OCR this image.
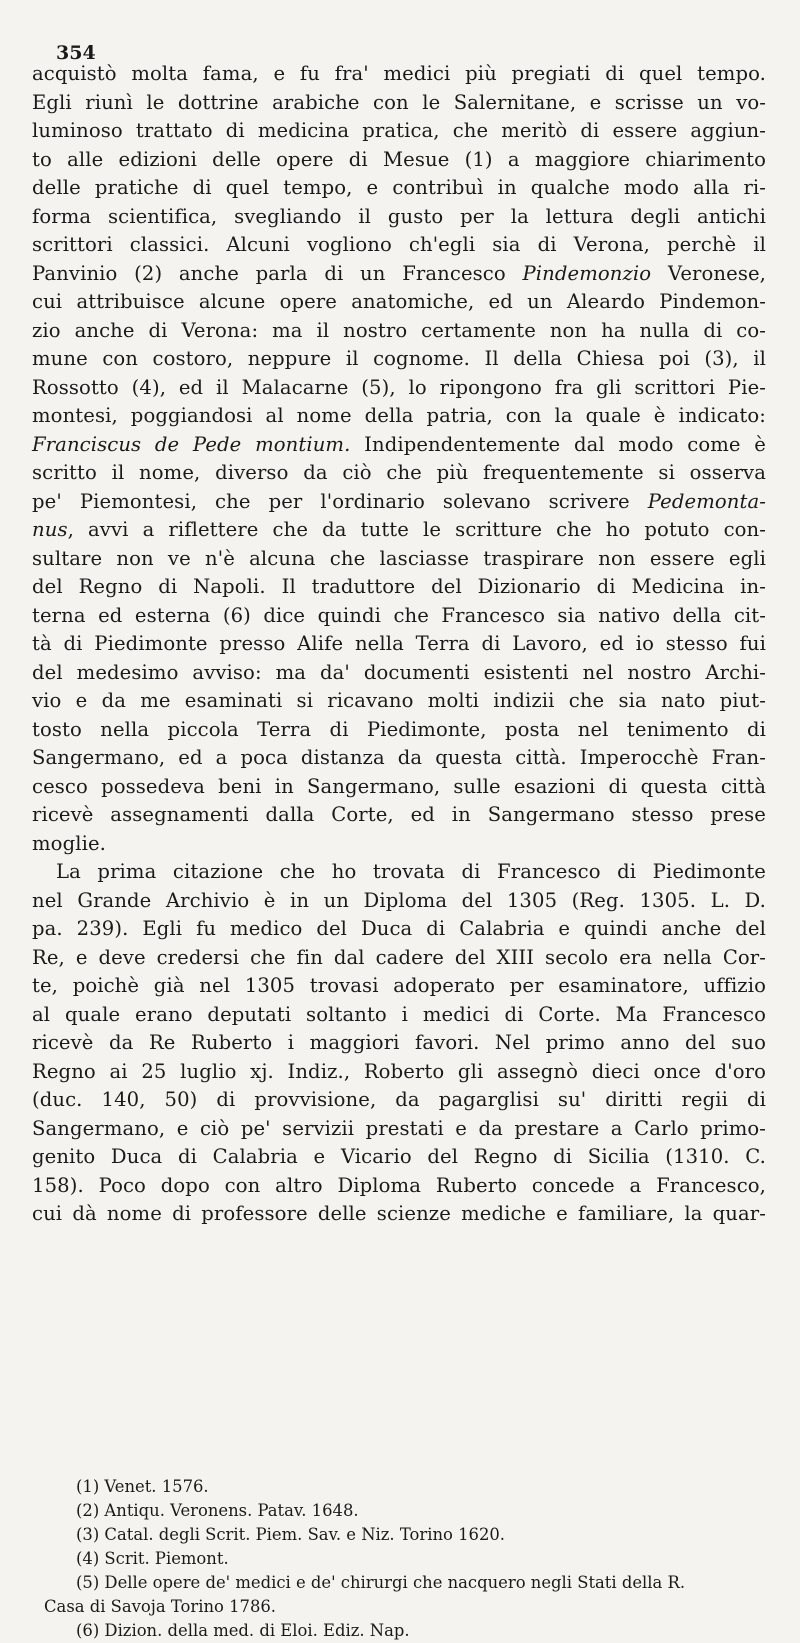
354
acquistò molta fama, e fu fra' medici più pregiati di quel tempo.
Egli riunì le dottrine arabiche con le Salernitane, e scrisse un vo-
luminoso trattato di medicina pratica, che meritò di essere aggiun-
to alle edizioni delle opere di Mesue (1) a maggiore chiarimento
delle pratiche di quel tempo, e contribuì in qualche modo alla ri-
forma scientifica, svegliando il gusto per la lettura degli antichi
scrittori classici. Alcuni vogliono ch'egli sia di Verona, perchè il
Panvinio (2) anche parla di un Francesco Pindemonzio Veronese,
cui attribuisce alcune opere anatomiche, ed un Aleardo Pindemon-
zio anche di Verona: ma il nostro certamente non ha nulla di co-
mune con costoro, neppure il cognome. Il della Chiesa poi (3), il
Rossotto (4), ed il Malacarne (5), lo ripongono fra gli scrittori Pie-
montesi, poggiandosi al nome della patria, con la quale è indicato:
Franciscus de Pede montium. Indipendentemente dal modo come è
scritto il nome, diverso da ciò che più frequentemente si osserva
pe' Piemontesi, che per l'ordinario solevano scrivere Pedemonta-
nus, avvi a riflettere che da tutte le scritture che ho potuto con-
sultare non ve n'è alcuna che lasciasse traspirare non essere egli
del Regno di Napoli. Il traduttore del Dizionario di Medicina in-
terna ed esterna (6) dice quindi che Francesco sia nativo della cit-
tà di Piedimonte presso Alife nella Terra di Lavoro, ed io stesso fui
del medesimo avviso: ma da' documenti esistenti nel nostro Archi-
vio e da me esaminati si ricavano molti indizii che sia nato piut-
tosto nella piccola Terra di Piedimonte, posta nel tenimento di
Sangermano, ed a poca distanza da questa città. Imperocchè Fran-
cesco possedeva beni in Sangermano, sulle esazioni di questa città
ricevè assegnamenti dalla Corte, ed in Sangermano stesso prese
moglie.
La prima citazione che ho trovata di Francesco di Piedimonte
nel Grande Archivio è in un Diploma del 1305 (Reg. 1305. L. D.
pa. 239). Egli fu medico del Duca di Calabria e quindi anche del
Re, e deve credersi che fin dal cadere del XIII secolo era nella Cor-
te, poichè già nel 1305 trovasi adoperato per esaminatore, uffizio
al quale erano deputati soltanto i medici di Corte. Ma Francesco
ricevè da Re Ruberto i maggiori favori. Nel primo anno del suo
Regno ai 25 luglio xj. Indiz., Roberto gli assegnò dieci once d'oro
(duc. 140, 50) di provvisione, da pagarglisi su' diritti regii di
Sangermano, e ciò pe' servizii prestati e da prestare a Carlo primo-
genito Duca di Calabria e Vicario del Regno di Sicilia (1310. C.
158). Poco dopo con altro Diploma Ruberto concede a Francesco,
cui dà nome di professore delle scienze mediche e familiare, la quar-
(1) Venet. 1576.
(2) Antiqu. Veronens. Patav. 1648.
(3) Catal. degli Scrit. Piem. Sav. e Niz. Torino 1620.
(4) Scrit. Piemont.
(5) Delle opere de' medici e de' chirurgi che nacquero negli Stati della R.
Casa di Savoja Torino 1786.
(6) Dizion. della med. di Eloi. Ediz. Nap.
